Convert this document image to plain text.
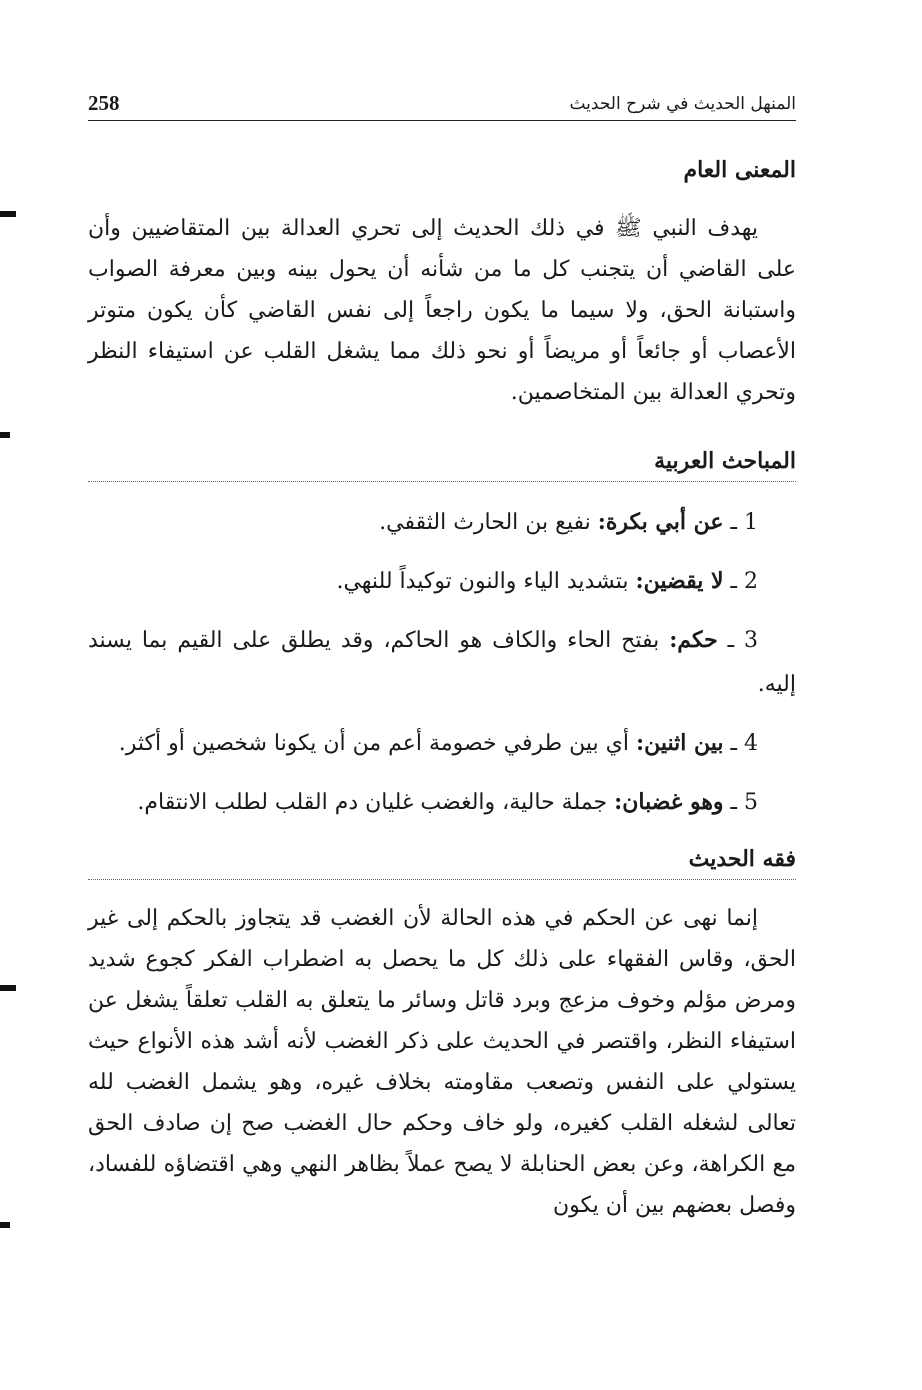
258	المنهل الحديث في شرح الحديث
المعنى العام

يهدف النبي ﷺ في ذلك الحديث إلى تحري العدالة بين المتقاضيين وأن على القاضي أن يتجنب كل ما من شأنه أن يحول بينه وبين معرفة الصواب واستبانة الحق، ولا سيما ما يكون راجعاً إلى نفس القاضي كأن يكون متوتر الأعصاب أو جائعاً أو مريضاً أو نحو ذلك مما يشغل القلب عن استيفاء النظر وتحري العدالة بين المتخاصمين.

المباحث العربية
1 ـ عن أبي بكرة: نفيع بن الحارث الثقفي.
2 ـ لا يقضين: بتشديد الياء والنون توكيداً للنهي.
3 ـ حكم: بفتح الحاء والكاف هو الحاكم، وقد يطلق على القيم بما يسند إليه.
4 ـ بين اثنين: أي بين طرفي خصومة أعم من أن يكونا شخصين أو أكثر.
5 ـ وهو غضبان: جملة حالية، والغضب غليان دم القلب لطلب الانتقام.
فقه الحديث

إنما نهى عن الحكم في هذه الحالة لأن الغضب قد يتجاوز بالحكم إلى غير الحق، وقاس الفقهاء على ذلك كل ما يحصل به اضطراب الفكر كجوع شديد ومرض مؤلم وخوف مزعج وبرد قاتل وسائر ما يتعلق به القلب تعلقاً يشغل عن استيفاء النظر، واقتصر في الحديث على ذكر الغضب لأنه أشد هذه الأنواع حيث يستولي على النفس وتصعب مقاومته بخلاف غيره، وهو يشمل الغضب لله تعالى لشغله القلب كغيره، ولو خاف وحكم حال الغضب صح إن صادف الحق مع الكراهة، وعن بعض الحنابلة لا يصح عملاً بظاهر النهي وهي اقتضاؤه للفساد، وفصل بعضهم بين أن يكون
